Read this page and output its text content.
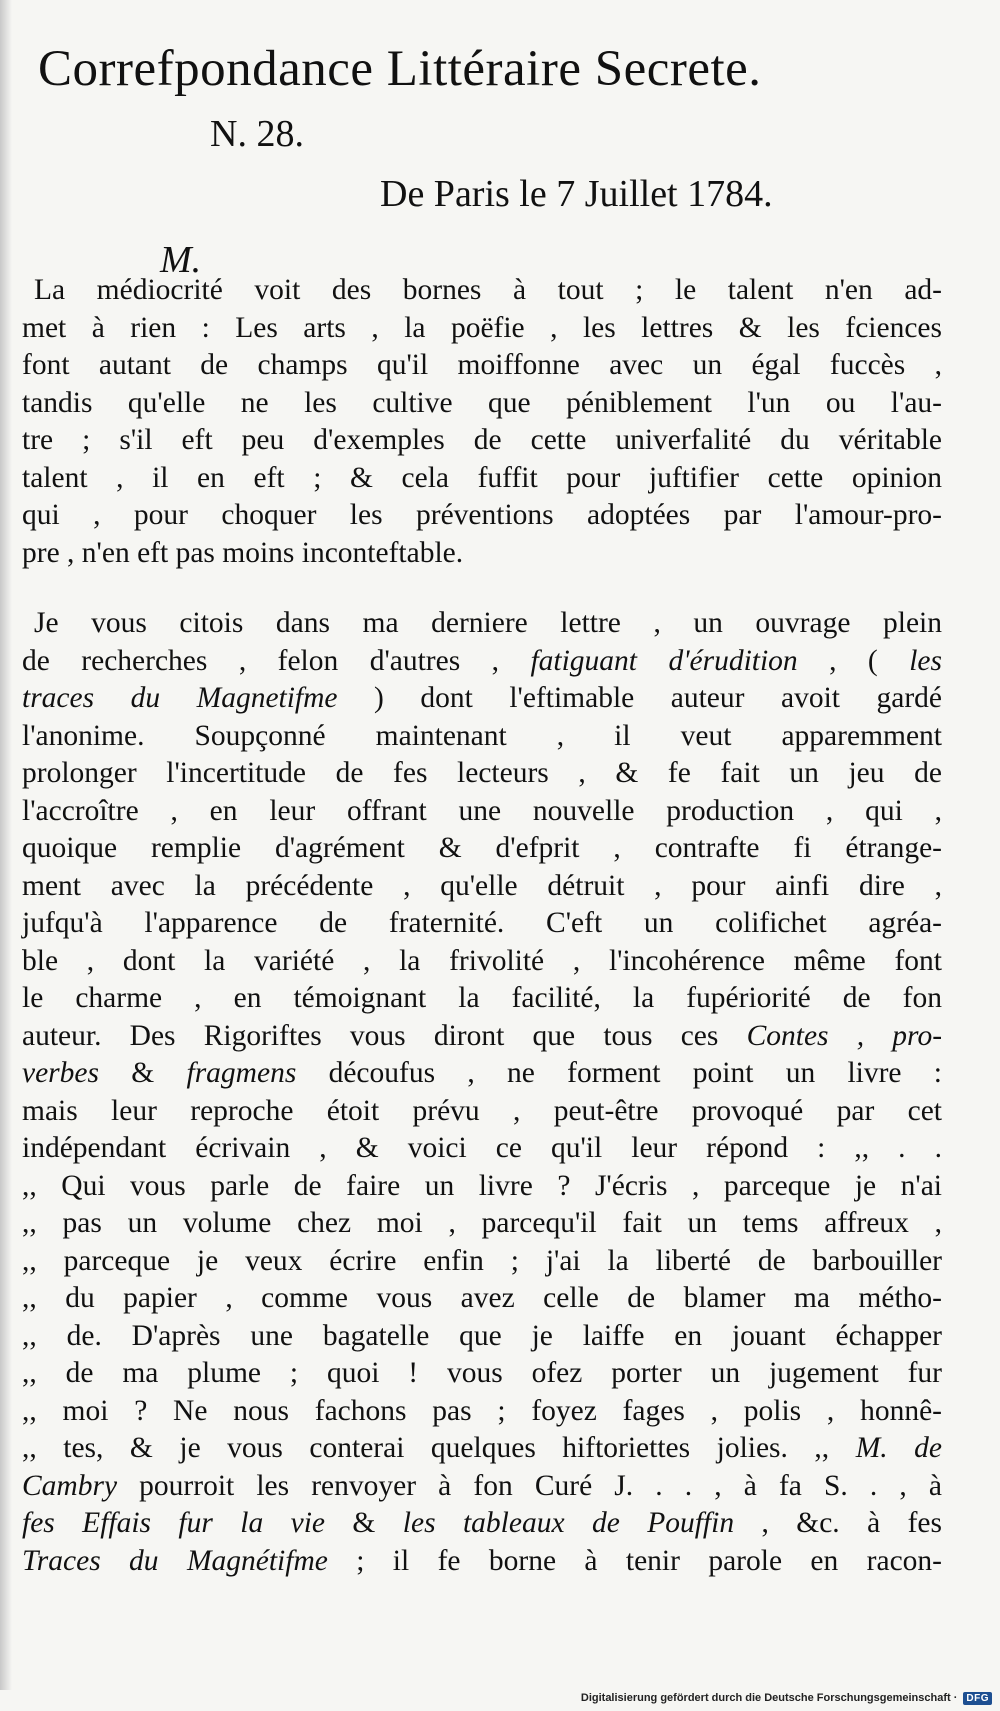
Correfpondance Littéraire Secrete.
N. 28.
De Paris le 7 Juillet 1784.
M.
La médiocrité voit des bornes à tout ; le talent n'en ad-
met à rien : Les arts , la poëfie , les lettres & les fciences
font autant de champs qu'il moiffonne avec un égal fuccès ,
tandis qu'elle ne les cultive que péniblement l'un ou l'au-
tre ; s'il eft peu d'exemples de cette univerfalité du véritable
talent , il en eft ; & cela fuffit pour juftifier cette opinion
qui , pour choquer les préventions adoptées par l'amour-pro-
pre , n'en eft pas moins inconteftable.
Je vous citois dans ma derniere lettre , un ouvrage plein
de recherches , felon d'autres , fatiguant d'érudition , ( les
traces du Magnetifme ) dont l'eftimable auteur avoit gardé
l'anonime. Soupçonné maintenant , il veut apparemment
prolonger l'incertitude de fes lecteurs , & fe fait un jeu de
l'accroître , en leur offrant une nouvelle production , qui ,
quoique remplie d'agrément & d'efprit , contrafte fi étrange-
ment avec la précédente , qu'elle détruit , pour ainfi dire ,
jufqu'à l'apparence de fraternité. C'eft un colifichet agréa-
ble , dont la variété , la frivolité , l'incohérence même font
le charme , en témoignant la facilité, la fupériorité de fon
auteur. Des Rigoriftes vous diront que tous ces Contes , pro-
verbes & fragmens découfus , ne forment point un livre :
mais leur reproche étoit prévu , peut-être provoqué par cet
indépendant écrivain , & voici ce qu'il leur répond : ,, . .
,, Qui vous parle de faire un livre ? J'écris , parceque je n'ai
,, pas un volume chez moi , parcequ'il fait un tems affreux ,
,, parceque je veux écrire enfin ; j'ai la liberté de barbouiller
,, du papier , comme vous avez celle de blamer ma métho-
,, de. D'après une bagatelle que je laiffe en jouant échapper
,, de ma plume ; quoi ! vous ofez porter un jugement fur
,, moi ? Ne nous fachons pas ; foyez fages , polis , honnê-
,, tes, & je vous conterai quelques hiftoriettes jolies. ,, M. de
Cambry pourroit les renvoyer à fon Curé J. . . , à fa S. . , à
fes Effais fur la vie & les tableaux de Pouffin , &c. à fes
Traces du Magnétifme ; il fe borne à tenir parole en racon-
Digitalisierung gefördert durch die Deutsche Forschungsgemeinschaft · DFG
